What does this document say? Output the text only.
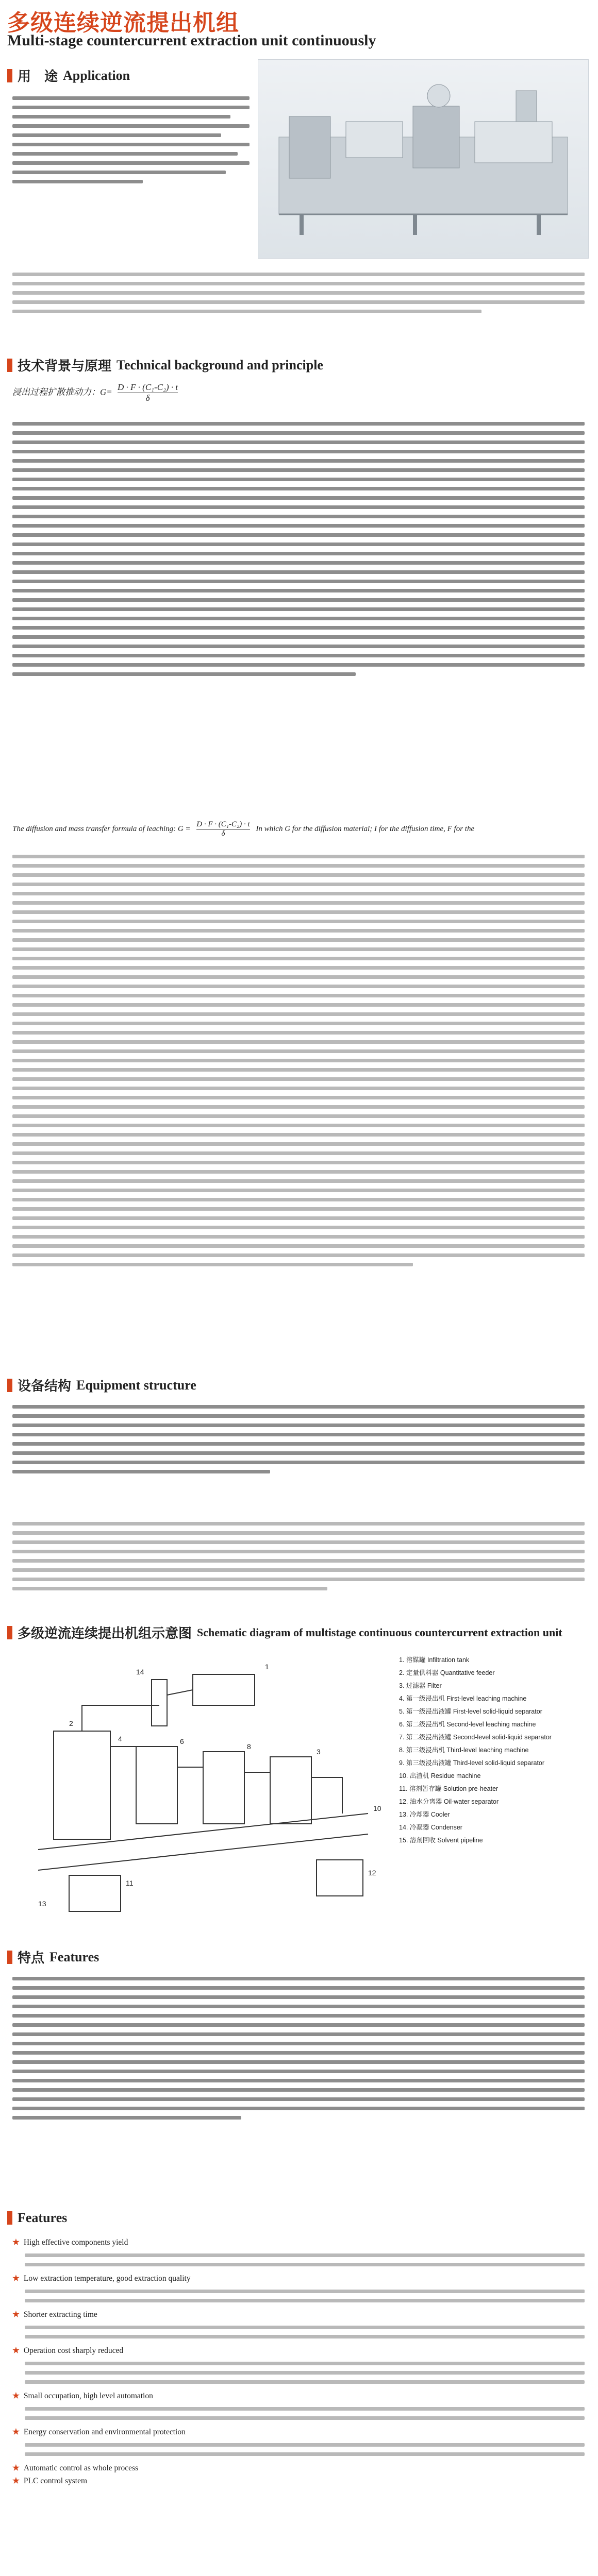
多级连续逆流提出机组
Multi-stage countercurrent extraction unit continuously
用　途 Application
技术背景与原理 Technical background and principle
浸出过程扩散推动力：$G= \frac{\text{D · F · (C₁-C₂) · t}}{\delta}$
The diffusion and mass transfer formula of leaching: $G = \frac{\text{D · F · (C₁-C₂) · t}}{\delta}$ In which G for the diffusion material; I for the diffusion time, F for the
设备结构 Equipment structure
多级逆流连续提出机组示意图 Schematic diagram of multistage continuous countercurrent extraction unit
14
1
2
4	6
8
3
10
11
12
13
1. 溶媒罐 Infiltration tank
2. 定量供料器 Quantitative feeder
3. 过滤器 Filter
4. 第一级浸出机 First-level leaching machine
5. 第一级浸出液罐 First-level solid-liquid separator
6. 第二级浸出机 Second-level leaching machine
7. 第二级浸出液罐 Second-level solid-liquid separator
8. 第三级浸出机 Third-level leaching machine
9. 第三级浸出液罐 Third-level solid-liquid separator
10. 出渣机 Residue machine
11. 溶剂暂存罐 Solution pre-heater
12. 油水分离器 Oil-water separator
13. 冷却器 Cooler
14. 冷凝器 Condenser
15. 溶剂回收 Solvent pipeline
特点 Features
Features
★ High effective components yield
★ Low extraction temperature, good extraction quality
★ Shorter extracting time
★ Operation cost sharply reduced
★ Small occupation, high level automation
★ Energy conservation and environmental protection
★ Automatic control as whole process
★ PLC control system
